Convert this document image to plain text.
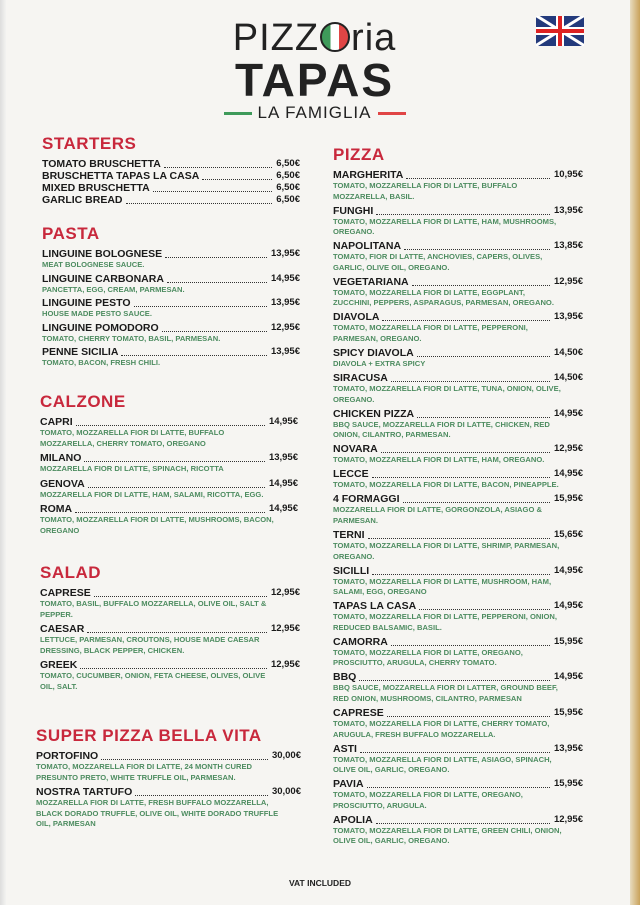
PIZZ ria
TAPAS
LA FAMIGLIA
STARTERS
TOMATO BRUSCHETTA	6,50€
BRUSCHETTA TAPAS LA CASA	6,50€
MIXED BRUSCHETTA	6,50€
GARLIC BREAD	6,50€
PASTA
LINGUINE BOLOGNESE	13,95€
MEAT BOLOGNESE SAUCE.
LINGUINE CARBONARA	14,95€
PANCETTA, EGG, CREAM, PARMESAN.
LINGUINE PESTO	13,95€
HOUSE MADE PESTO SAUCE.
LINGUINE POMODORO	12,95€
TOMATO, CHERRY TOMATO, BASIL, PARMESAN.
PENNE SICILIA	13,95€
TOMATO, BACON, FRESH CHILI.
CALZONE
CAPRI	14,95€
TOMATO, MOZZARELLA FIOR DI LATTE, BUFFALO MOZZARELLA, CHERRY TOMATO, OREGANO
MILANO	13,95€
MOZZARELLA FIOR DI LATTE, SPINACH, RICOTTA
GENOVA	14,95€
MOZZARELLA FIOR DI LATTE, HAM, SALAMI, RICOTTA, EGG.
ROMA	14,95€
TOMATO, MOZZARELLA FIOR DI LATTE, MUSHROOMS, BACON, OREGANO
SALAD
CAPRESE	12,95€
TOMATO, BASIL, BUFFALO MOZZARELLA, OLIVE OIL, SALT & PEPPER.
CAESAR	12,95€
LETTUCE, PARMESAN, CROUTONS, HOUSE MADE CAESAR DRESSING, BLACK PEPPER, CHICKEN.
GREEK	12,95€
TOMATO, CUCUMBER, ONION, FETA CHEESE, OLIVES, OLIVE OIL, SALT.
SUPER PIZZA BELLA VITA
PORTOFINO	30,00€
TOMATO, MOZZARELLA FIOR DI LATTE, 24 MONTH CURED PRESUNTO PRETO, WHITE TRUFFLE OIL, PARMESAN.
NOSTRA TARTUFO	30,00€
MOZZARELLA FIOR DI LATTE, FRESH BUFFALO MOZZARELLA, BLACK DORADO TRUFFLE, OLIVE OIL, WHITE DORADO TRUFFLE OIL, PARMESAN
PIZZA
MARGHERITA	10,95€
TOMATO, MOZZARELLA FIOR DI LATTE, BUFFALO MOZZARELLA, BASIL.
FUNGHI	13,95€
TOMATO, MOZZARELLA FIOR DI LATTE, HAM, MUSHROOMS, OREGANO.
NAPOLITANA	13,85€
TOMATO, FIOR DI LATTE, ANCHOVIES, CAPERS, OLIVES, GARLIC, OLIVE OIL, OREGANO.
VEGETARIANA	12,95€
TOMATO, MOZZARELLA FIOR DI LATTE, EGGPLANT, ZUCCHINI, PEPPERS, ASPARAGUS, PARMESAN, OREGANO.
DIAVOLA	13,95€
TOMATO, MOZZARELLA FIOR DI LATTE, PEPPERONI, PARMESAN, OREGANO.
SPICY DIAVOLA	14,50€
DIAVOLA + EXTRA SPICY
SIRACUSA	14,50€
TOMATO, MOZZARELLA FIOR DI LATTE, TUNA, ONION, OLIVE, OREGANO.
CHICKEN PIZZA	14,95€
BBQ SAUCE, MOZZARELLA FIOR DI LATTE, CHICKEN, RED ONION, CILANTRO, PARMESAN.
NOVARA	12,95€
TOMATO, MOZZARELLA FIOR DI LATTE, HAM, OREGANO.
LECCE	14,95€
TOMATO, MOZZARELLA FIOR DI LATTE, BACON, PINEAPPLE.
4 FORMAGGI	15,95€
MOZZARELLA FIOR DI LATTE, GORGONZOLA, ASIAGO & PARMESAN.
TERNI	15,65€
TOMATO, MOZZARELLA FIOR DI LATTE, SHRIMP, PARMESAN, OREGANO.
SICILLI	14,95€
TOMATO, MOZZARELLA FIOR DI LATTE, MUSHROOM, HAM, SALAMI, EGG, OREGANO
TAPAS LA CASA	14,95€
TOMATO, MOZZARELLA FIOR DI LATTE, PEPPERONI, ONION, REDUCED BALSAMIC, BASIL.
CAMORRA	15,95€
TOMATO, MOZZARELLA FIOR DI LATTE, OREGANO, PROSCIUTTO, ARUGULA, CHERRY TOMATO.
BBQ	14,95€
BBQ SAUCE, MOZZARELLA FIOR DI LATTER, GROUND BEEF, RED ONION, MUSHROOMS, CILANTRO, PARMESAN
CAPRESE	15,95€
TOMATO, MOZZARELLA FIOR DI LATTE, CHERRY TOMATO, ARUGULA, FRESH BUFFALO MOZZARELLA.
ASTI	13,95€
TOMATO, MOZZARELLA FIOR DI LATTE, ASIAGO, SPINACH, OLIVE OIL, GARLIC, OREGANO.
PAVIA	15,95€
TOMATO, MOZZARELLA FIOR DI LATTE, OREGANO, PROSCIUTTO, ARUGULA.
APOLIA	12,95€
TOMATO, MOZZARELLA FIOR DI LATTE, GREEN CHILI, ONION, OLIVE OIL, GARLIC, OREGANO.
VAT INCLUDED
